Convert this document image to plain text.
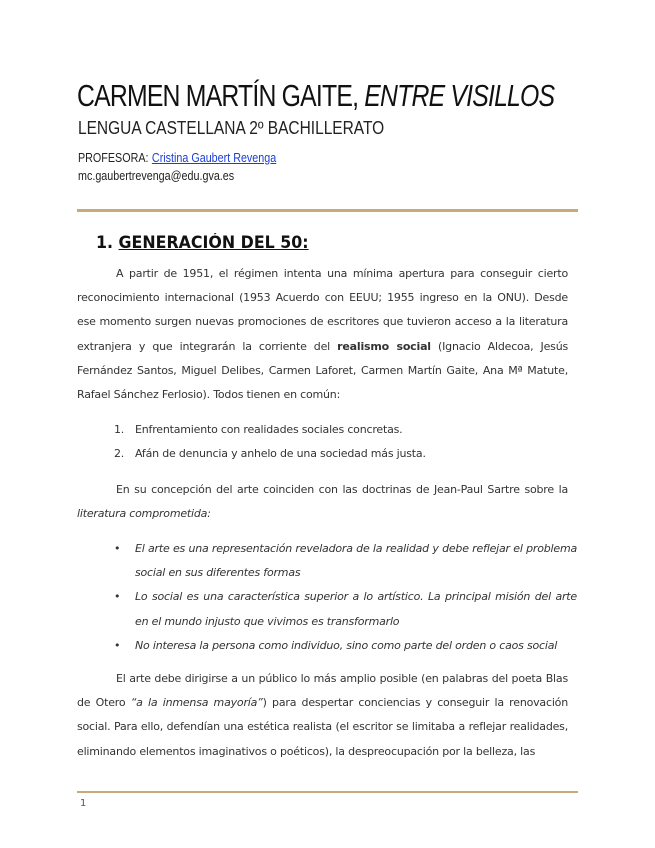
CARMEN MARTÍN GAITE, ENTRE VISILLOS
LENGUA CASTELLANA 2º BACHILLERATO
PROFESORA: Cristina Gaubert Revenga
mc.gaubertrevenga@edu.gva.es
1. GENERACIÓN DEL 50:

A partir de 1951, el régimen intenta una mínima apertura para conseguir cierto reconocimiento internacional (1953 Acuerdo con EEUU; 1955 ingreso en la ONU). Desde ese momento surgen nuevas promociones de escritores que tuvieron acceso a la literatura extranjera y que integrarán la corriente del realismo social (Ignacio Aldecoa, Jesús Fernández Santos, Miguel Delibes, Carmen Laforet, Carmen Martín Gaite, Ana Mª Matute, Rafael Sánchez Ferlosio). Todos tienen en común:

1. Enfrentamiento con realidades sociales concretas.
2. Afán de denuncia y anhelo de una sociedad más justa.

En su concepción del arte coinciden con las doctrinas de Jean-Paul Sartre sobre la literatura comprometida:

• El arte es una representación reveladora de la realidad y debe reflejar el problema social en sus diferentes formas
• Lo social es una característica superior a lo artístico. La principal misión del arte en el mundo injusto que vivimos es transformarlo
• No interesa la persona como individuo, sino como parte del orden o caos social

El arte debe dirigirse a un público lo más amplio posible (en palabras del poeta Blas de Otero “a la inmensa mayoría”) para despertar conciencias y conseguir la renovación social. Para ello, defendían una estética realista (el escritor se limitaba a reflejar realidades, eliminando elementos imaginativos o poéticos), la despreocupación por la belleza, las

1
